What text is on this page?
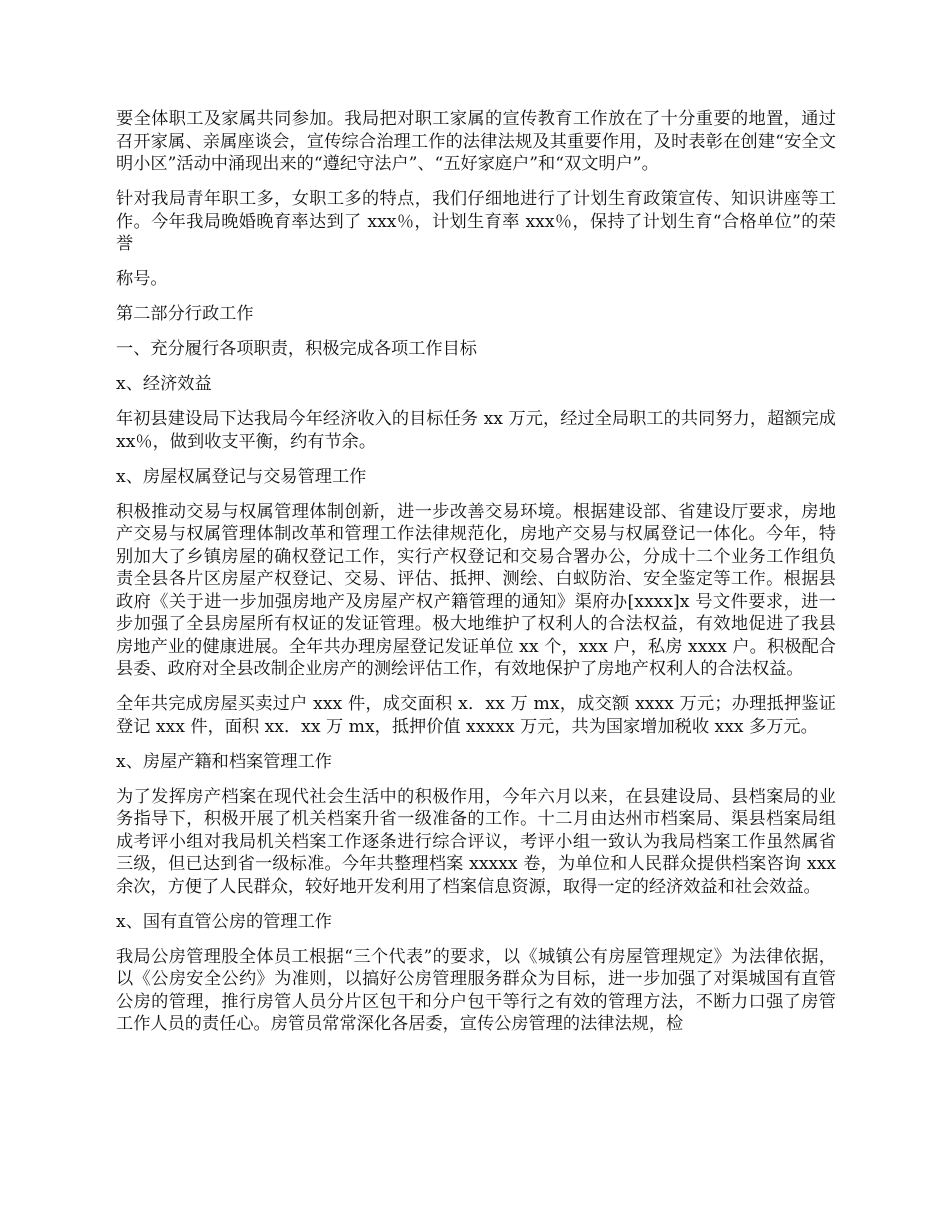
要全体职工及家属共同参加。我局把对职工家属的宣传教育工作放在了十分重要的地置，通过召开家属、亲属座谈会，宣传综合治理工作的法律法规及其重要作用，及时表彰在创建“安全文明小区”活动中涌现出来的“遵纪守法户”、“五好家庭户”和“双文明户”。

针对我局青年职工多，女职工多的特点，我们仔细地进行了计划生育政策宣传、知识讲座等工作。今年我局晚婚晚育率达到了 xxx％，计划生育率 xxx％，保持了计划生育“合格单位”的荣誉

称号。

第二部分行政工作

一、充分履行各项职责，积极完成各项工作目标

x、经济效益

年初县建设局下达我局今年经济收入的目标任务 xx 万元，经过全局职工的共同努力，超额完成 xx％，做到收支平衡，约有节余。

x、房屋权属登记与交易管理工作

积极推动交易与权属管理体制创新，进一步改善交易环境。根据建设部、省建设厅要求，房地产交易与权属管理体制改革和管理工作法律规范化，房地产交易与权属登记一体化。今年，特别加大了乡镇房屋的确权登记工作，实行产权登记和交易合署办公，分成十二个业务工作组负责全县各片区房屋产权登记、交易、评估、抵押、测绘、白蚁防治、安全鉴定等工作。根据县政府《关于进一步加强房地产及房屋产权产籍管理的通知》渠府办[xxxx]x 号文件要求，进一步加强了全县房屋所有权证的发证管理。极大地维护了权利人的合法权益，有效地促进了我县房地产业的健康进展。全年共办理房屋登记发证单位 xx 个，xxx 户，私房 xxxx 户。积极配合县委、政府对全县改制企业房产的测绘评估工作，有效地保护了房地产权利人的合法权益。

全年共完成房屋买卖过户 xxx 件，成交面积 x．xx 万 mx，成交额 xxxx 万元；办理抵押鉴证登记 xxx 件，面积 xx．xx 万 mx，抵押价值 xxxxx 万元，共为国家增加税收 xxx 多万元。

x、房屋产籍和档案管理工作

为了发挥房产档案在现代社会生活中的积极作用，今年六月以来，在县建设局、县档案局的业务指导下，积极开展了机关档案升省一级准备的工作。十二月由达州市档案局、渠县档案局组成考评小组对我局机关档案工作逐条进行综合评议，考评小组一致认为我局档案工作虽然属省三级，但已达到省一级标准。今年共整理档案 xxxxx 卷，为单位和人民群众提供档案咨询 xxx 余次，方便了人民群众，较好地开发利用了档案信息资源，取得一定的经济效益和社会效益。

x、国有直管公房的管理工作

我局公房管理股全体员工根据“三个代表”的要求，以《城镇公有房屋管理规定》为法律依据，以《公房安全公约》为准则，以搞好公房管理服务群众为目标，进一步加强了对渠城国有直管公房的管理，推行房管人员分片区包干和分户包干等行之有效的管理方法，不断力口强了房管工作人员的责任心。房管员常常深化各居委，宣传公房管理的法律法规，检
